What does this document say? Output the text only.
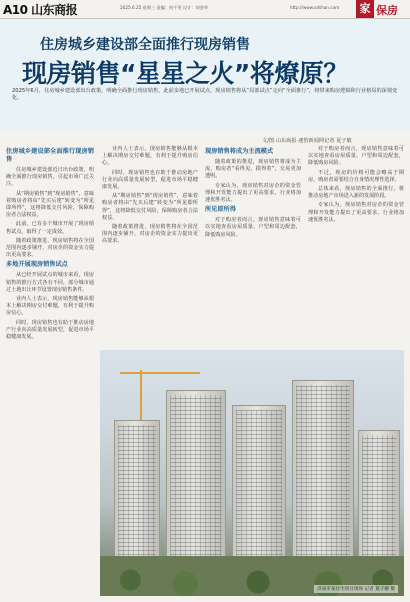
A10 山东商报	2025.6.25 星期三 责编：何千里 设计：胡金华	http://www.sdshan.com	家 保房
住房城乡建设部全面推行现房销售
现房销售“星星之火”将燎原？
2025年6月，住房城乡建设部出台政策，明确全面推行现房销售，此前多地已开展试点，现房销售将从“局部试点”走向“全面推行”，将带来购房逻辑和行业格局的深刻变化。
文/图 山东商报·速豹新闻网记者 夏子敏
住房城乡建设部全面推行现房销售

住房城乡建设部近日出台政策，明确全面推行现房销售，引起市场广泛关注。

从“期房销售”到“现房销售”，意味着购房者将由“先买后建”转变为“所见即所得”，这将降低交付风险，保障购房者合法权益。

此前，已有多个城市开展了现房销售试点，取得了一定成效。

随着政策推进，现房销售将在全国范围内逐步铺开，对房企的资金实力提出更高要求。

多地开展现房销售试点

从已经开展试点的城市来看，现房销售的推行方式各有不同，部分城市通过土地出让环节设置现房销售条件。

业内人士表示，现房销售能够从根本上解决期房交付难题，有利于提升购房信心。

同时，现房销售也有助于推动房地产行业向高质量发展转型，促进市场平稳健康发展。

业内人士表示，现房销售能够从根本上解决期房交付难题，有利于提升购房信心。

同时，现房销售也有助于推动房地产行业向高质量发展转型，促进市场平稳健康发展。

从“期房销售”到“现房销售”，意味着购房者将由“先买后建”转变为“所见即所得”，这将降低交付风险，保障购房者合法权益。

随着政策推进，现房销售将在全国范围内逐步铺开，对房企的资金实力提出更高要求。

现房销售将成为主流模式

随着政策的推进，现房销售将成为主流，购房者“看得见、摸得着”，交易更加透明。

专家认为，现房销售对房企的资金管理和开发能力提出了更高要求，行业将加速优胜劣汰。

所见即所得

对于购房者而言，现房销售意味着可以实地查看房屋质量、户型和周边配套，降低购房风险。

对于购房者而言，现房销售意味着可以实地查看房屋质量、户型和周边配套，降低购房风险。

不过，现房的价格可能会略高于期房，购房者需要结合自身情况理性选择。

总体来看，现房销售的全面推行，将推动房地产市场进入新的发展阶段。

专家认为，现房销售对房企的资金管理和开发能力提出了更高要求，行业将加速优胜劣汰。

济南市某住宅项目现场 记者 夏子敏 摄
